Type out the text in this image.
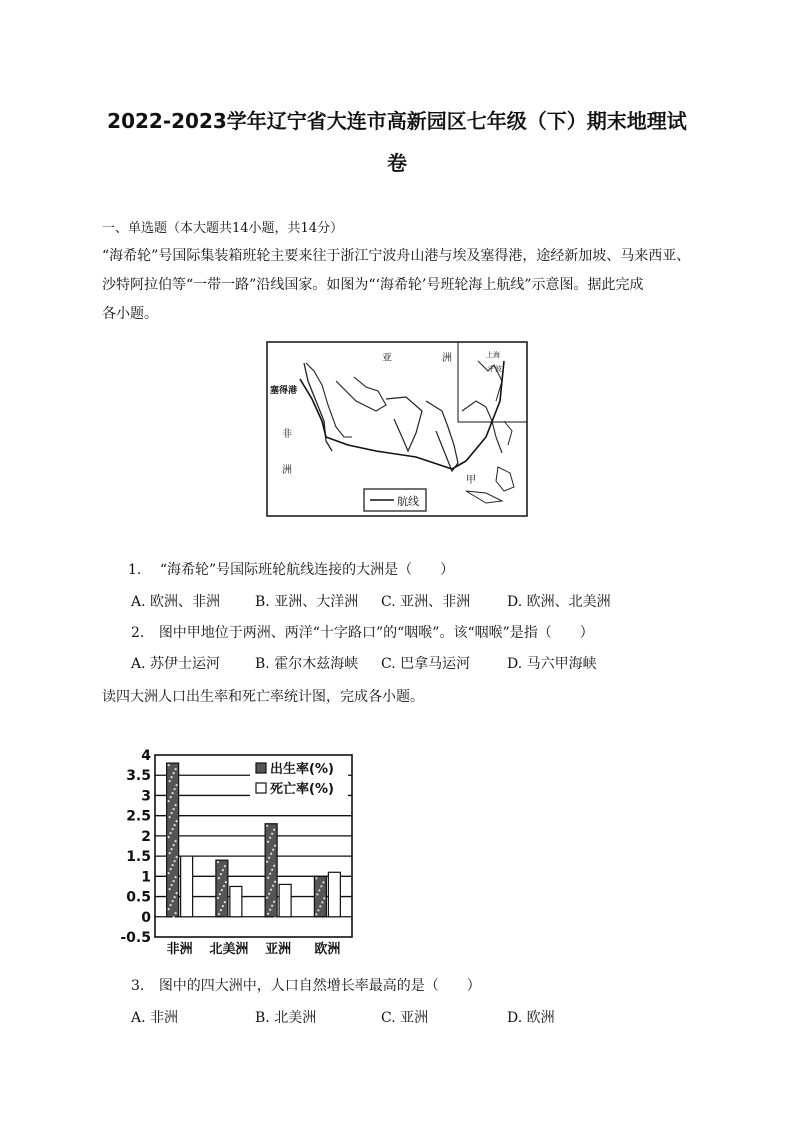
2022-2023学年辽宁省大连市高新园区七年级（下）期末地理试
卷
一、单选题（本大题共14小题，共14分）
“海希轮”号国际集装箱班轮主要来往于浙江宁波舟山港与埃及塞得港，途经新加坡、马来西亚、
沙特阿拉伯等“一带一路”沿线国家。如图为“‘海希轮’号班轮海上航线”示意图。据此完成
各小题。
亚	洲
塞得港
非
洲
甲
上海
宁波
航线
1. “海希轮”号国际班轮航线连接的大洲是（　　）
A. 欧洲、非洲 B. 亚洲、大洋洲 C. 亚洲、非洲	D. 欧洲、北美洲
2. 图中甲地位于两洲、两洋“十字路口”的“咽喉”。该“咽喉”是指（　　）
A. 苏伊士运河 B. 霍尔木兹海峡 C. 巴拿马运河	D. 马六甲海峡
读四大洲人口出生率和死亡率统计图，完成各小题。
4
3.5
3
2.5
2
1.5
1
0.5
0
-0.5
非洲 北美洲 亚洲 欧洲
出生率(%)
死亡率(%)
3. 图中的四大洲中，人口自然增长率最高的是（　　）
A. 非洲	B. 北美洲	C. 亚洲	D. 欧洲
